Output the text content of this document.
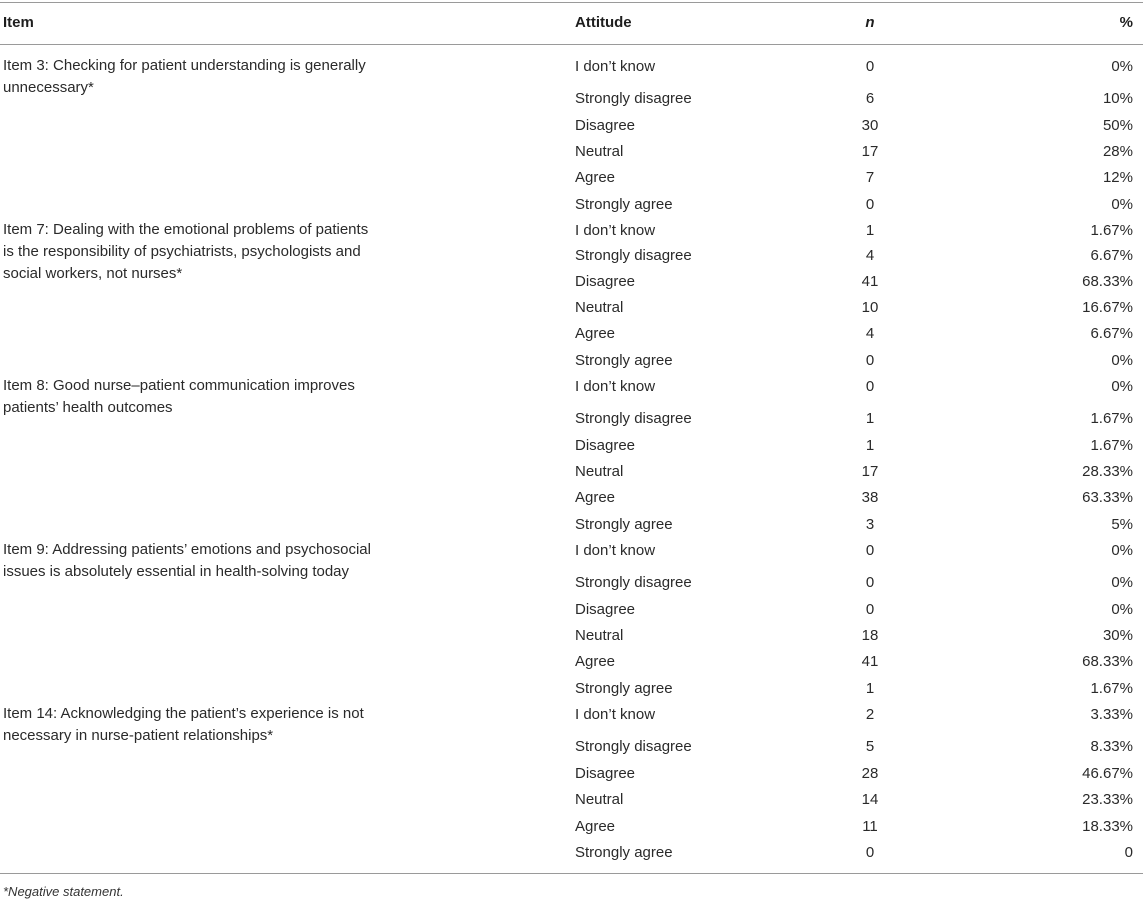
Item	Attitude	n	%
Item 3: Checking for patient understanding is generally unnecessary*
I don’t know	0	0%
Strongly disagree	6	10%
Disagree	30	50%
Neutral	17	28%
Agree	7	12%
Strongly agree	0	0%
Item 7: Dealing with the emotional problems of patients is the responsibility of psychiatrists, psychologists and social workers, not nurses*
I don’t know	1	1.67%
Strongly disagree	4	6.67%
Disagree	41	68.33%
Neutral	10	16.67%
Agree	4	6.67%
Strongly agree	0	0%
Item 8: Good nurse–patient communication improves patients’ health outcomes
I don’t know	0	0%
Strongly disagree	1	1.67%
Disagree	1	1.67%
Neutral	17	28.33%
Agree	38	63.33%
Strongly agree	3	5%
Item 9: Addressing patients’ emotions and psychosocial issues is absolutely essential in health-solving today
I don’t know	0	0%
Strongly disagree	0	0%
Disagree	0	0%
Neutral	18	30%
Agree	41	68.33%
Strongly agree	1	1.67%
Item 14: Acknowledging the patient’s experience is not necessary in nurse-patient relationships*
I don’t know	2	3.33%
Strongly disagree	5	8.33%
Disagree	28	46.67%
Neutral	14	23.33%
Agree	11	18.33%
Strongly agree	0	0
*Negative statement.
